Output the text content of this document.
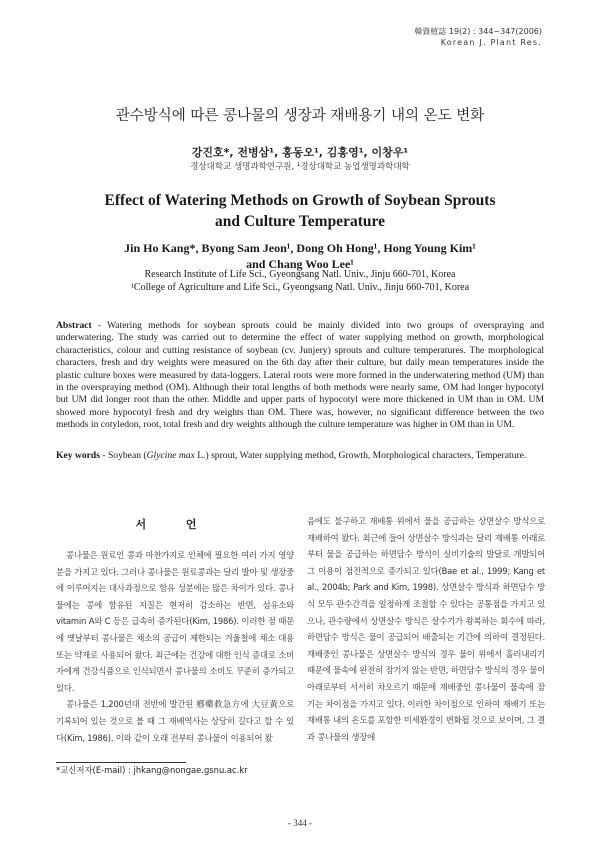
韓資植誌 19(2) : 344~347(2006)
Korean J. Plant Res.
관수방식에 따른 콩나물의 생장과 재배용기 내의 온도 변화
강진호*, 전병삼¹, 홍동오¹, 김홍영¹, 이창우¹
경상대학교 생명과학연구원, ¹경상대학교 농업생명과학대학
Effect of Watering Methods on Growth of Soybean Sprouts
and Culture Temperature
Jin Ho Kang*, Byong Sam Jeon¹, Dong Oh Hong¹, Hong Young Kim¹
and Chang Woo Lee¹
Research Institute of Life Sci., Gyeongsang Natl. Univ., Jinju 660-701, Korea
¹College of Agriculture and Life Sci., Gyeongsang Natl. Univ., Jinju 660-701, Korea
Abstract - Watering methods for soybean sprouts could be mainly divided into two groups of overspraying and underwatering. The study was carried out to determine the effect of water supplying method on growth, morphological characteristics, colour and cutting resistance of soybean (cv. Junjery) sprouts and culture temperatures. The morphological characters, fresh and dry weights were measured on the 6th day after their culture, but daily mean temperatures inside the plastic culture boxes were measured by data-loggers. Lateral roots were more formed in the underwatering method (UM) than in the overspraying method (OM). Although their total lengths of both methods were nearly same, OM had longer hypocotyl but UM did longer root than the other. Middle and upper parts of hypocotyl were more thickened in UM than in OM. UM showed more hypocotyl fresh and dry weights than OM. There was, however, no significant difference between the two methods in cotyledon, root, total fresh and dry weights although the culture temperature was higher in OM than in UM.
Key words - Soybean (Glycine max L.) sprout, Water supplying method, Growth, Morphological characters, Temperature.
서 언

콩나물은 원료인 콩과 마찬가지로 인체에 필요한 여러 가지 영양분을 가지고 있다. 그러나 콩나물은 원료콩과는 달리 발아 및 생장중에 이루어지는 대사과정으로 함유 성분에는 많은 차이가 있다. 콩나물에는 콩에 함유된 지질은 현저히 감소하는 반면, 섬유소와 vitamin A와 C 등은 급속히 증가된다(Kim, 1986). 이러한 점 때문에 옛날부터 콩나물은 채소의 공급이 제한되는 겨울철에 채소 대용 또는 약재로 사용되어 왔다. 최근에는 건강에 대한 인식 증대로 소비자에게 건강식품으로 인식되면서 콩나물의 소비도 꾸준히 증가되고 있다.

콩나물은 1,200년대 전반에 발간된 鄕藥救急方에 大豆黃으로 기록되어 있는 것으로 볼 때 그 재배역사는 상당히 길다고 할 수 있다(Kim, 1986). 이와 같이 오래 전부터 콩나물이 이용되어 왔

음에도 불구하고 재배통 위에서 물을 공급하는 상면살수 방식으로 재배하여 왔다. 최근에 들어 상면살수 방식과는 달리 재배통 아래로부터 물을 공급하는 하면담수 방식이 실비기술의 발달로 개발되어 그 이용이 점진적으로 증가되고 있다(Bae et al., 1999; Kang et al., 2004b; Park and Kim, 1998). 상면살수 방식과 하면담수 방식 모두 관수간격을 일정하게 조절할 수 있다는 공통점을 가지고 있으나, 관수량에서 상면살수 방식은 살수기가 왕복하는 회수에 따라, 하면담수 방식은 물이 공급되어 배출되는 기간에 의하여 결정된다. 재배중인 콩나물은 상면살수 방식의 경우 물이 위에서 흘러내리기 때문에 물속에 완전히 잠기지 않는 반면, 하면담수 방식의 경우 물이 아래로부터 서서히 차오르기 때문에 재배중인 콩나물이 물속에 잠기는 차이점을 가지고 있다. 이러한 차이점으로 인하여 재배기 또는 재배통 내의 온도를 포함한 미세환경이 변화될 것으로 보이며, 그 결과 콩나물의 생장에

*교신저자(E-mail) : jhkang@nongae.gsnu.ac.kr
- 344 -
